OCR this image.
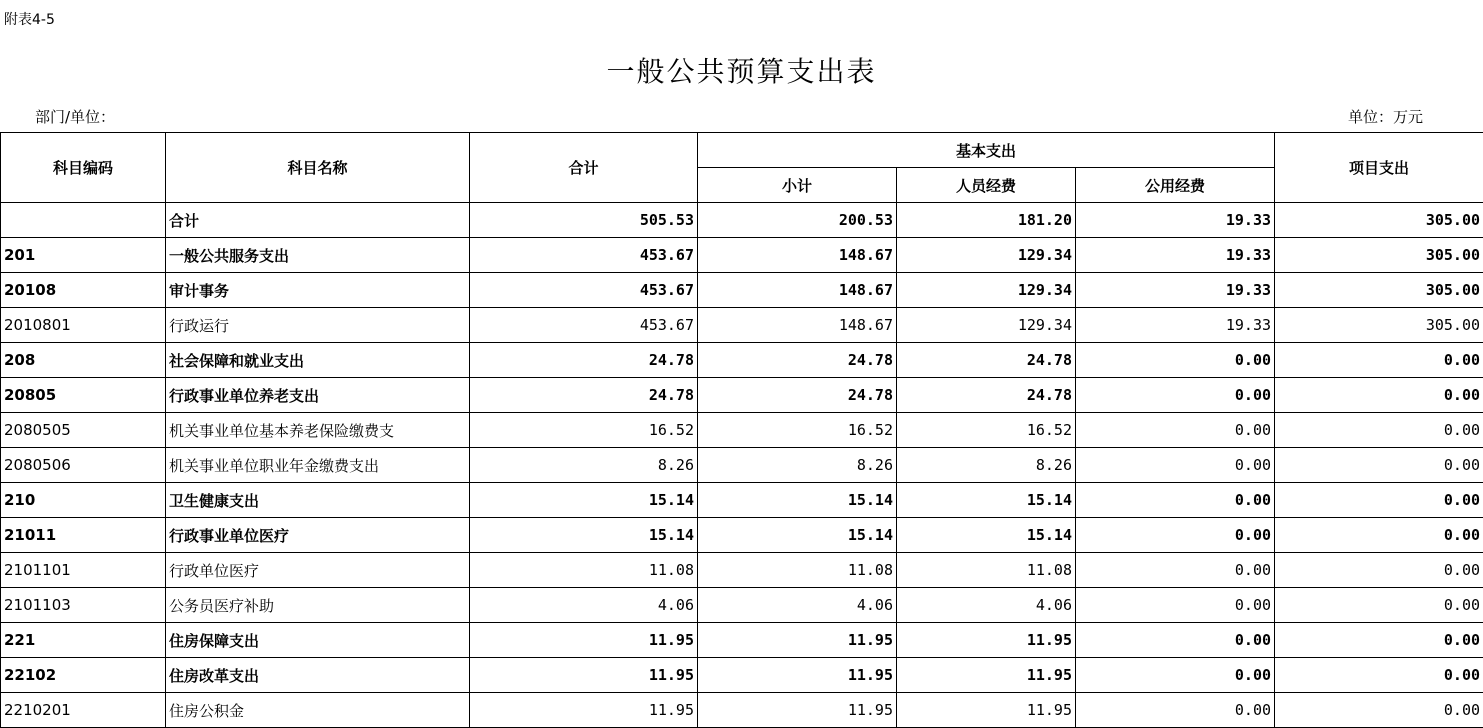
附表4-5
一般公共预算支出表
部门/单位：	单位：万元
科目编码	科目名称	合计	基本支出			项目支出
			小计	人员经费	公用经费	
	合计	505.53	200.53	181.20	19.33	305.00
201	一般公共服务支出	453.67	148.67	129.34	19.33	305.00
20108	审计事务	453.67	148.67	129.34	19.33	305.00
2010801	行政运行	453.67	148.67	129.34	19.33	305.00
208	社会保障和就业支出	24.78	24.78	24.78	0.00	0.00
20805	行政事业单位养老支出	24.78	24.78	24.78	0.00	0.00
2080505	机关事业单位基本养老保险缴费支	16.52	16.52	16.52	0.00	0.00
2080506	机关事业单位职业年金缴费支出	8.26	8.26	8.26	0.00	0.00
210	卫生健康支出	15.14	15.14	15.14	0.00	0.00
21011	行政事业单位医疗	15.14	15.14	15.14	0.00	0.00
2101101	行政单位医疗	11.08	11.08	11.08	0.00	0.00
2101103	公务员医疗补助	4.06	4.06	4.06	0.00	0.00
221	住房保障支出	11.95	11.95	11.95	0.00	0.00
22102	住房改革支出	11.95	11.95	11.95	0.00	0.00
2210201	住房公积金	11.95	11.95	11.95	0.00	0.00
